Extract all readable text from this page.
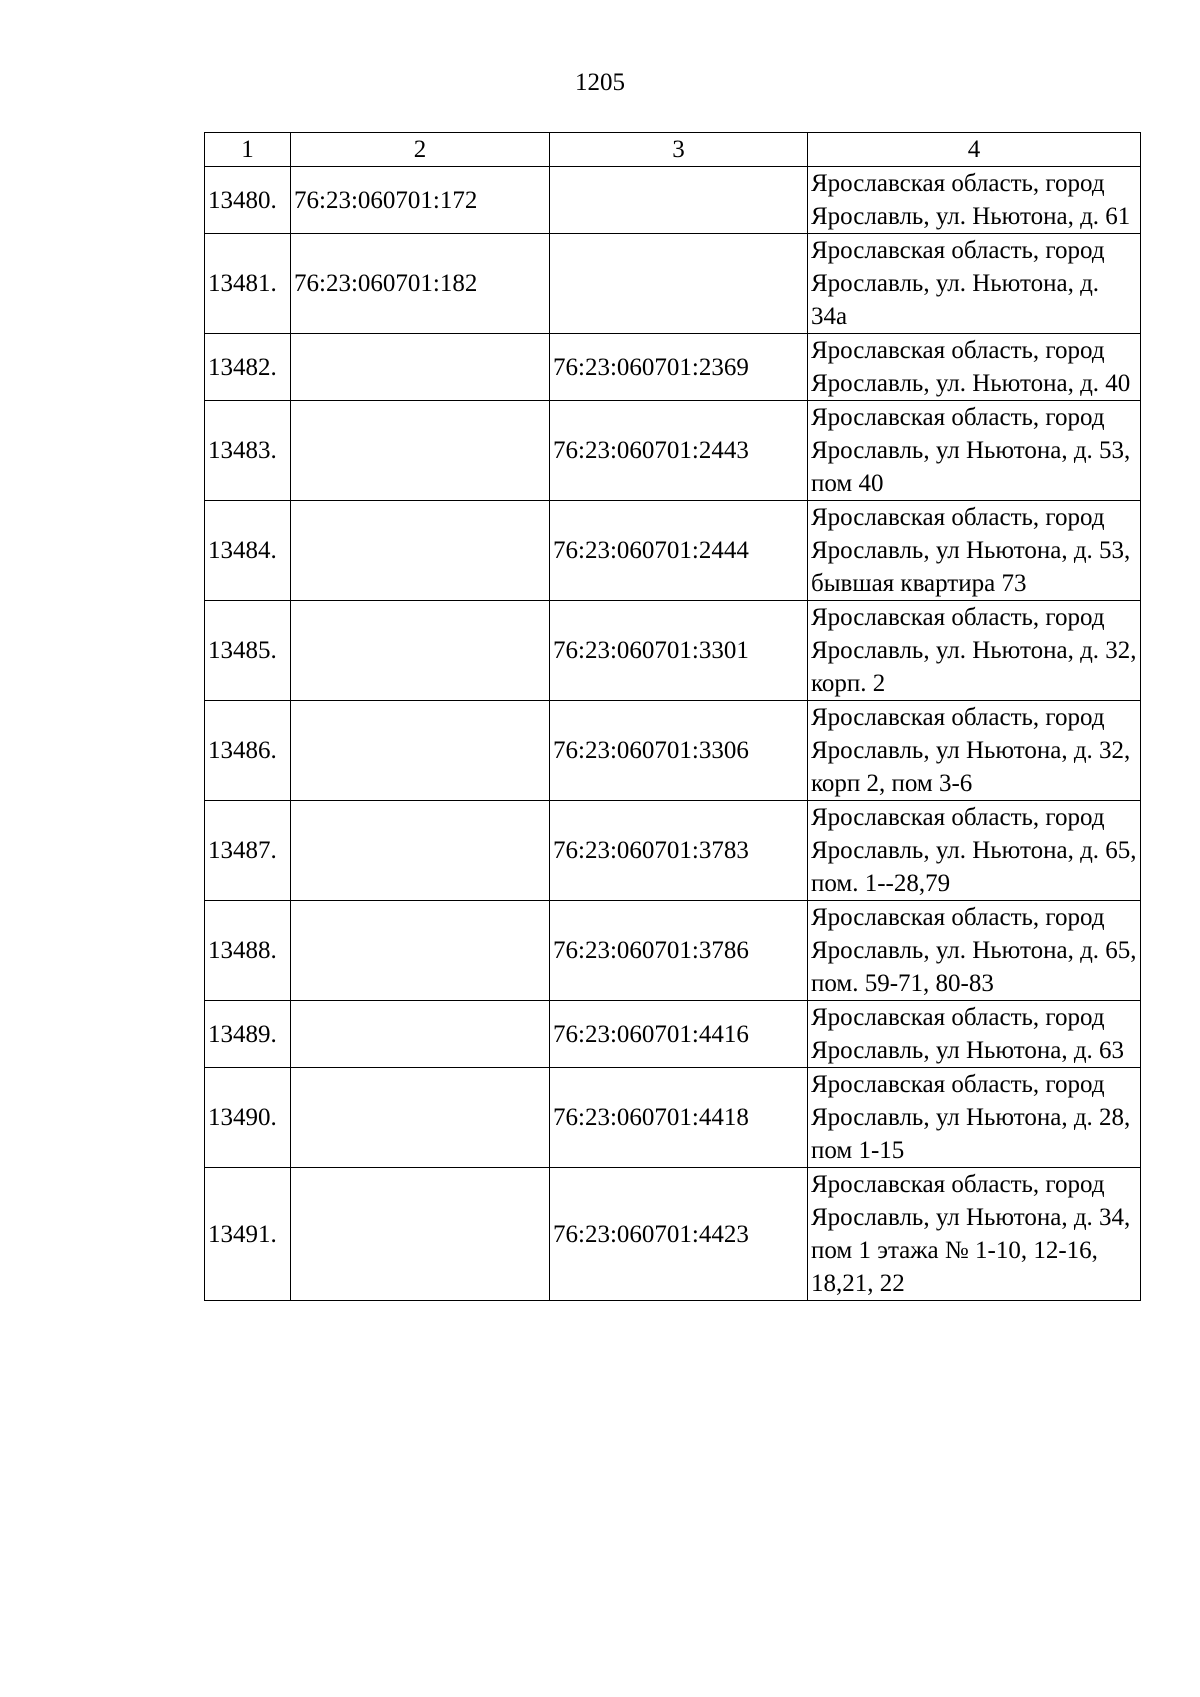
1205
1	2	3	4
13480.	76:23:060701:172		Ярославская область, город Ярославль, ул. Ньютона, д. 61
13481.	76:23:060701:182		Ярославская область, город Ярославль, ул. Ньютона, д. 34а
13482.		76:23:060701:2369	Ярославская область, город Ярославль, ул. Ньютона, д. 40
13483.		76:23:060701:2443	Ярославская область, город Ярославль, ул Ньютона, д. 53, пом 40
13484.		76:23:060701:2444	Ярославская область, город Ярославль, ул Ньютона, д. 53, бывшая квартира 73
13485.		76:23:060701:3301	Ярославская область, город Ярославль, ул. Ньютона, д. 32, корп. 2
13486.		76:23:060701:3306	Ярославская область, город Ярославль, ул Ньютона, д. 32, корп 2, пом 3-6
13487.		76:23:060701:3783	Ярославская область, город Ярославль, ул. Ньютона, д. 65, пом. 1--28,79
13488.		76:23:060701:3786	Ярославская область, город Ярославль, ул. Ньютона, д. 65, пом. 59-71, 80-83
13489.		76:23:060701:4416	Ярославская область, город Ярославль, ул Ньютона, д. 63
13490.		76:23:060701:4418	Ярославская область, город Ярославль, ул Ньютона, д. 28, пом 1-15
13491.		76:23:060701:4423	Ярославская область, город Ярославль, ул Ньютона, д. 34, пом 1 этажа № 1-10, 12-16, 18,21, 22
